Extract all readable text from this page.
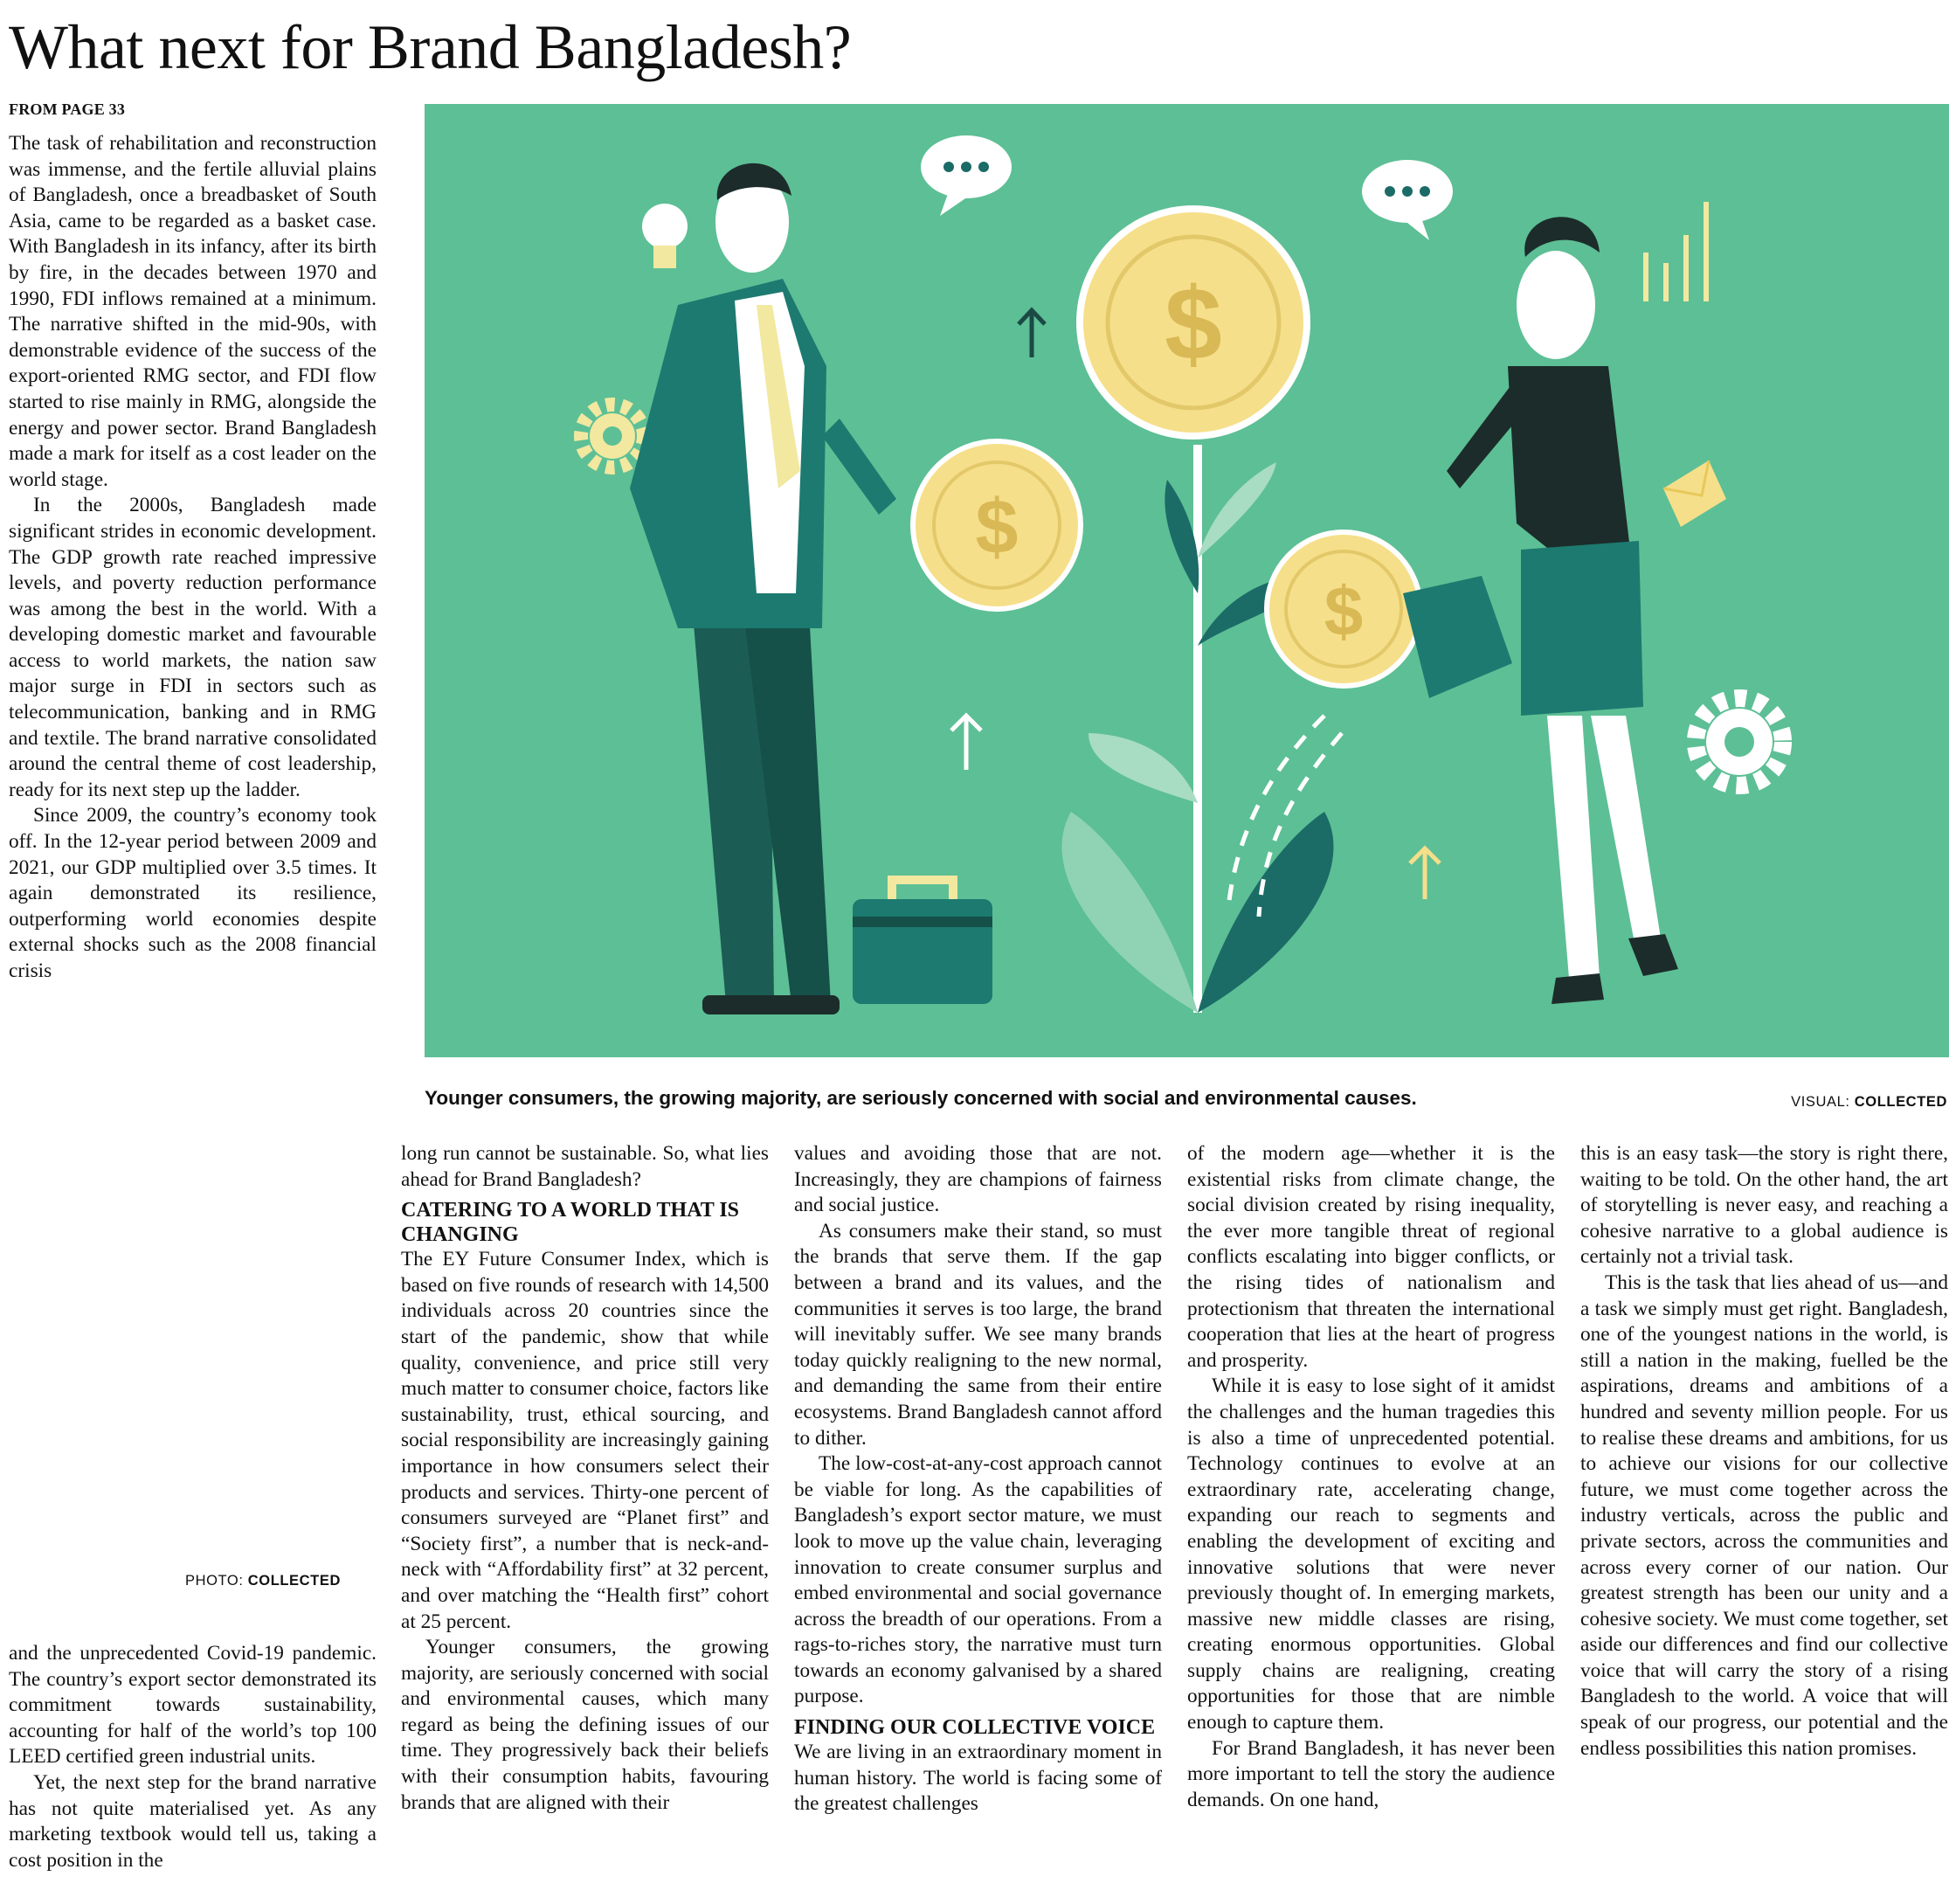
What next for Brand Bangladesh?
FROM PAGE 33

The task of rehabilitation and reconstruction was immense, and the fertile alluvial plains of Bangladesh, once a breadbasket of South Asia, came to be regarded as a basket case. With Bangladesh in its infancy, after its birth by fire, in the decades between 1970 and 1990, FDI inflows remained at a minimum. The narrative shifted in the mid-90s, with demonstrable evidence of the success of the export-oriented RMG sector, and FDI flow started to rise mainly in RMG, alongside the energy and power sector. Brand Bangladesh made a mark for itself as a cost leader on the world stage.

In the 2000s, Bangladesh made significant strides in economic development. The GDP growth rate reached impressive levels, and poverty reduction performance was among the best in the world. With a developing domestic market and favourable access to world markets, the nation saw major surge in FDI in sectors such as telecommunication, banking and in RMG and textile. The brand narrative consolidated around the central theme of cost leadership, ready for its next step up the ladder.

Since 2009, the country’s economy took off. In the 12-year period between 2009 and 2021, our GDP multiplied over 3.5 times. It again demonstrated its resilience, outperforming world economies despite external shocks such as the 2008 financial crisis

PHOTO: COLLECTED

and the unprecedented Covid-19 pandemic. The country’s export sector demonstrated its commitment towards sustainability, accounting for half of the world’s top 100 LEED certified green industrial units.

Yet, the next step for the brand narrative has not quite materialised yet. As any marketing textbook would tell us, taking a cost position in the

$
$
$
Younger consumers, the growing majority, are seriously concerned with social and environmental causes.	VISUAL: COLLECTED

long run cannot be sustainable. So, what lies ahead for Brand Bangladesh?

CATERING TO A WORLD THAT IS CHANGING

The EY Future Consumer Index, which is based on five rounds of research with 14,500 individuals across 20 countries since the start of the pandemic, show that while quality, convenience, and price still very much matter to consumer choice, factors like sustainability, trust, ethical sourcing, and social responsibility are increasingly gaining importance in how consumers select their products and services. Thirty-one percent of consumers surveyed are “Planet first” and “Society first”, a number that is neck-and-neck with “Affordability first” at 32 percent, and over matching the “Health first” cohort at 25 percent.

Younger consumers, the growing majority, are seriously concerned with social and environmental causes, which many regard as being the defining issues of our time. They progressively back their beliefs with their consumption habits, favouring brands that are aligned with their

values and avoiding those that are not. Increasingly, they are champions of fairness and social justice.

As consumers make their stand, so must the brands that serve them. If the gap between a brand and its values, and the communities it serves is too large, the brand will inevitably suffer. We see many brands today quickly realigning to the new normal, and demanding the same from their entire ecosystems. Brand Bangladesh cannot afford to dither.

The low-cost-at-any-cost approach cannot be viable for long. As the capabilities of Bangladesh’s export sector mature, we must look to move up the value chain, leveraging innovation to create consumer surplus and embed environmental and social governance across the breadth of our operations. From a rags-to-riches story, the narrative must turn towards an economy galvanised by a shared purpose.

FINDING OUR COLLECTIVE VOICE

We are living in an extraordinary moment in human history. The world is facing some of the greatest challenges

of the modern age—whether it is the existential risks from climate change, the social division created by rising inequality, the ever more tangible threat of regional conflicts escalating into bigger conflicts, or the rising tides of nationalism and protectionism that threaten the international cooperation that lies at the heart of progress and prosperity.

While it is easy to lose sight of it amidst the challenges and the human tragedies this is also a time of unprecedented potential. Technology continues to evolve at an extraordinary rate, accelerating change, expanding our reach to segments and enabling the development of exciting and innovative solutions that were never previously thought of. In emerging markets, massive new middle classes are rising, creating enormous opportunities. Global supply chains are realigning, creating opportunities for those that are nimble enough to capture them.

For Brand Bangladesh, it has never been more important to tell the story the audience demands. On one hand,

this is an easy task—the story is right there, waiting to be told. On the other hand, the art of storytelling is never easy, and reaching a cohesive narrative to a global audience is certainly not a trivial task.

This is the task that lies ahead of us—and a task we simply must get right. Bangladesh, one of the youngest nations in the world, is still a nation in the making, fuelled be the aspirations, dreams and ambitions of a hundred and seventy million people. For us to realise these dreams and ambitions, for us to achieve our visions for our collective future, we must come together across the industry verticals, across the public and private sectors, across the communities and across every corner of our nation. Our greatest strength has been our unity and a cohesive society. We must come together, set aside our differences and find our collective voice that will carry the story of a rising Bangladesh to the world. A voice that will speak of our progress, our potential and the endless possibilities this nation promises.
